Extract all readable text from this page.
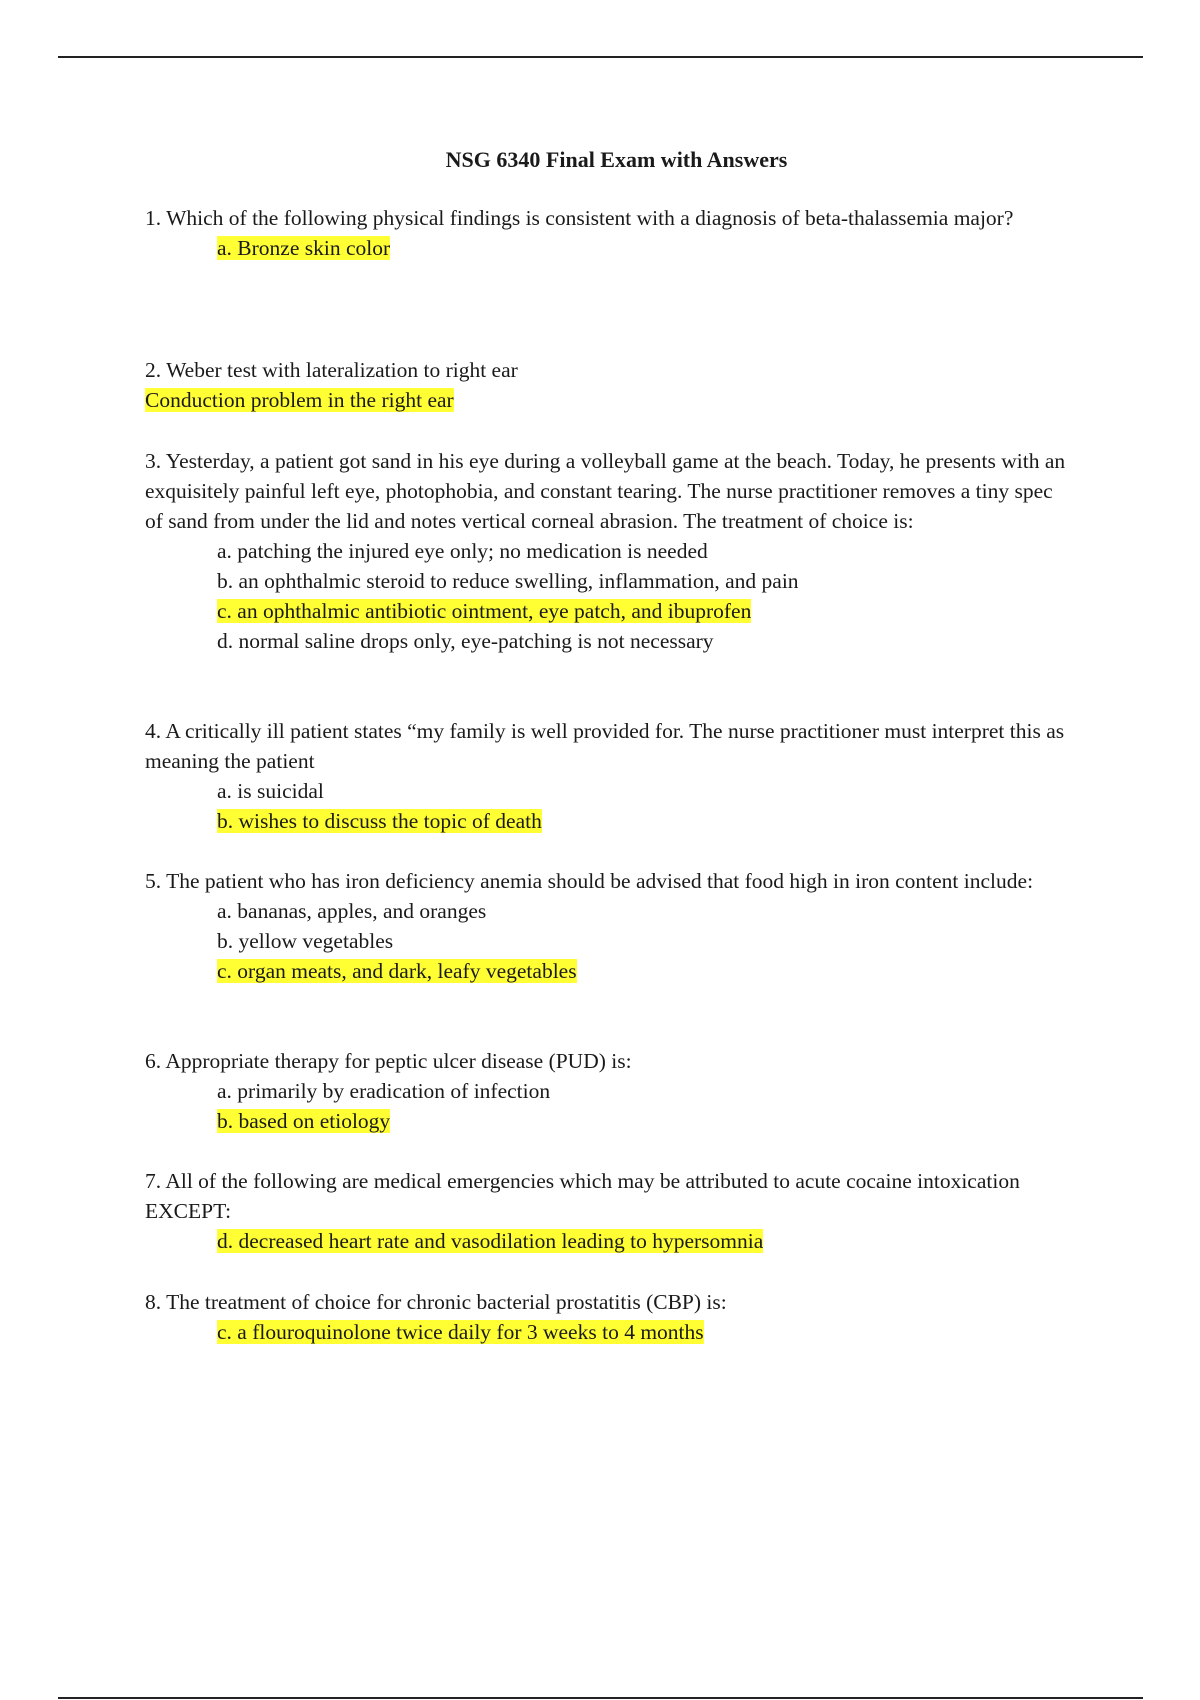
NSG 6340 Final Exam with Answers

1. Which of the following physical findings is consistent with a diagnosis of beta-thalassemia major?

a. Bronze skin color

2. Weber test with lateralization to right ear

Conduction problem in the right ear

3. Yesterday, a patient got sand in his eye during a volleyball game at the beach. Today, he presents with an exquisitely painful left eye, photophobia, and constant tearing. The nurse practitioner removes a tiny spec of sand from under the lid and notes vertical corneal abrasion. The treatment of choice is:

a. patching the injured eye only; no medication is needed

b. an ophthalmic steroid to reduce swelling, inflammation, and pain

c. an ophthalmic antibiotic ointment, eye patch, and ibuprofen

d. normal saline drops only, eye-patching is not necessary

4. A critically ill patient states “my family is well provided for. The nurse practitioner must interpret this as meaning the patient

a. is suicidal

b. wishes to discuss the topic of death

5. The patient who has iron deficiency anemia should be advised that food high in iron content include:

a. bananas, apples, and oranges

b. yellow vegetables

c. organ meats, and dark, leafy vegetables

6. Appropriate therapy for peptic ulcer disease (PUD) is:

a. primarily by eradication of infection

b. based on etiology

7. All of the following are medical emergencies which may be attributed to acute cocaine intoxication EXCEPT:

d. decreased heart rate and vasodilation leading to hypersomnia

8. The treatment of choice for chronic bacterial prostatitis (CBP) is:

c. a flouroquinolone twice daily for 3 weeks to 4 months
